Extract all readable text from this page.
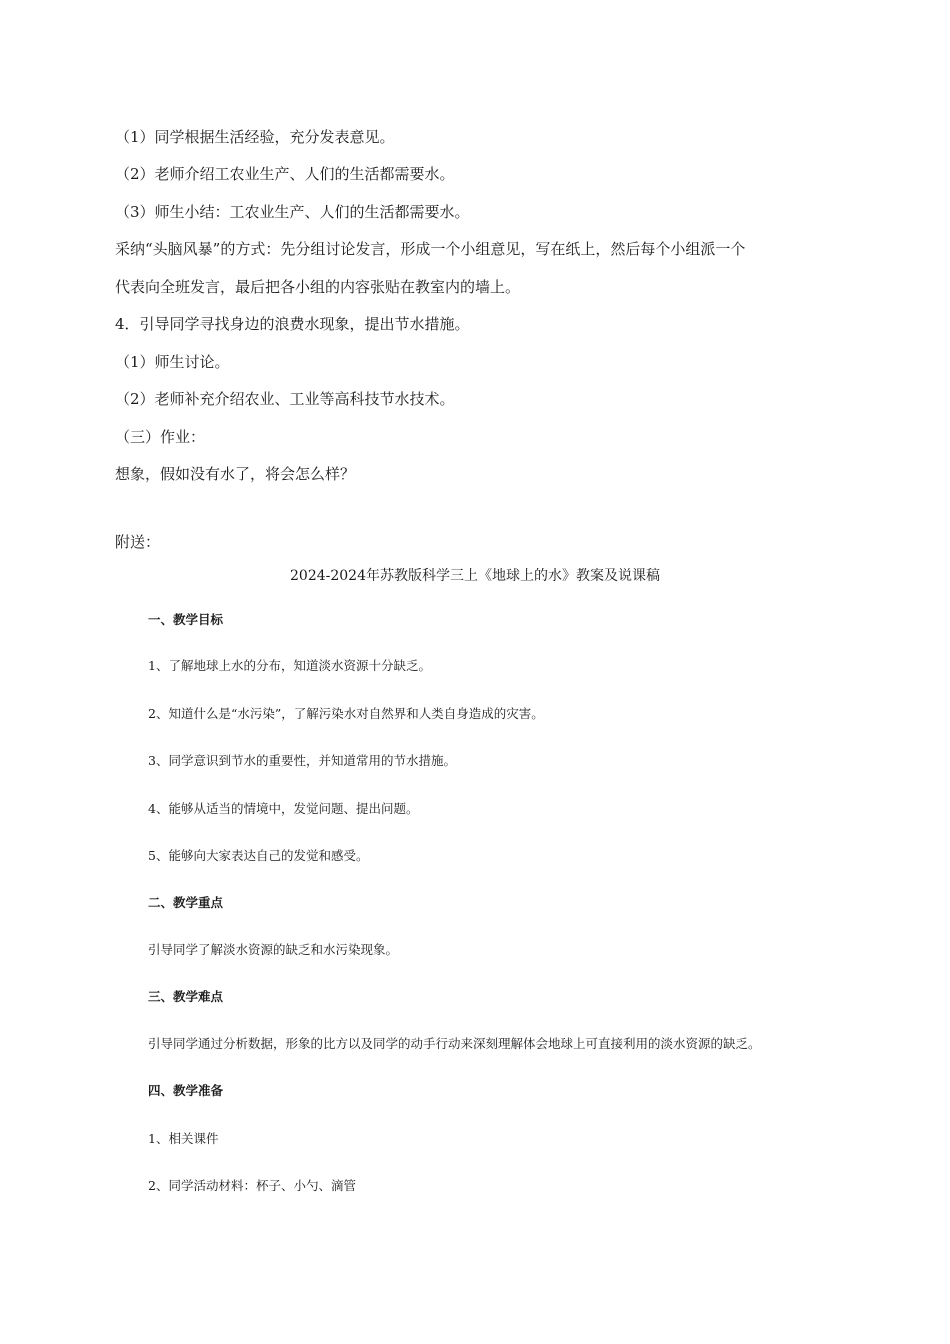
（1）同学根据生活经验，充分发表意见。
（2）老师介绍工农业生产、人们的生活都需要水。
（3）师生小结：工农业生产、人们的生活都需要水。
采纳“头脑风暴”的方式：先分组讨论发言，形成一个小组意见，写在纸上，然后每个小组派一个
代表向全班发言，最后把各小组的内容张贴在教室内的墙上。
4．引导同学寻找身边的浪费水现象，提出节水措施。
（1）师生讨论。
（2）老师补充介绍农业、工业等高科技节水技术。
（三）作业：
想象，假如没有水了，将会怎么样？
附送：
2024-2024年苏教版科学三上《地球上的水》教案及说课稿
一、教学目标
1、了解地球上水的分布，知道淡水资源十分缺乏。
2、知道什么是“水污染”，了解污染水对自然界和人类自身造成的灾害。
3、同学意识到节水的重要性，并知道常用的节水措施。
4、能够从适当的情境中，发觉问题、提出问题。
5、能够向大家表达自己的发觉和感受。
二、教学重点
引导同学了解淡水资源的缺乏和水污染现象。
三、教学难点
引导同学通过分析数据，形象的比方以及同学的动手行动来深刻理解体会地球上可直接利用的淡水资源的缺乏。
四、教学准备
1、相关课件
2、同学活动材料：杯子、小勺、滴管
